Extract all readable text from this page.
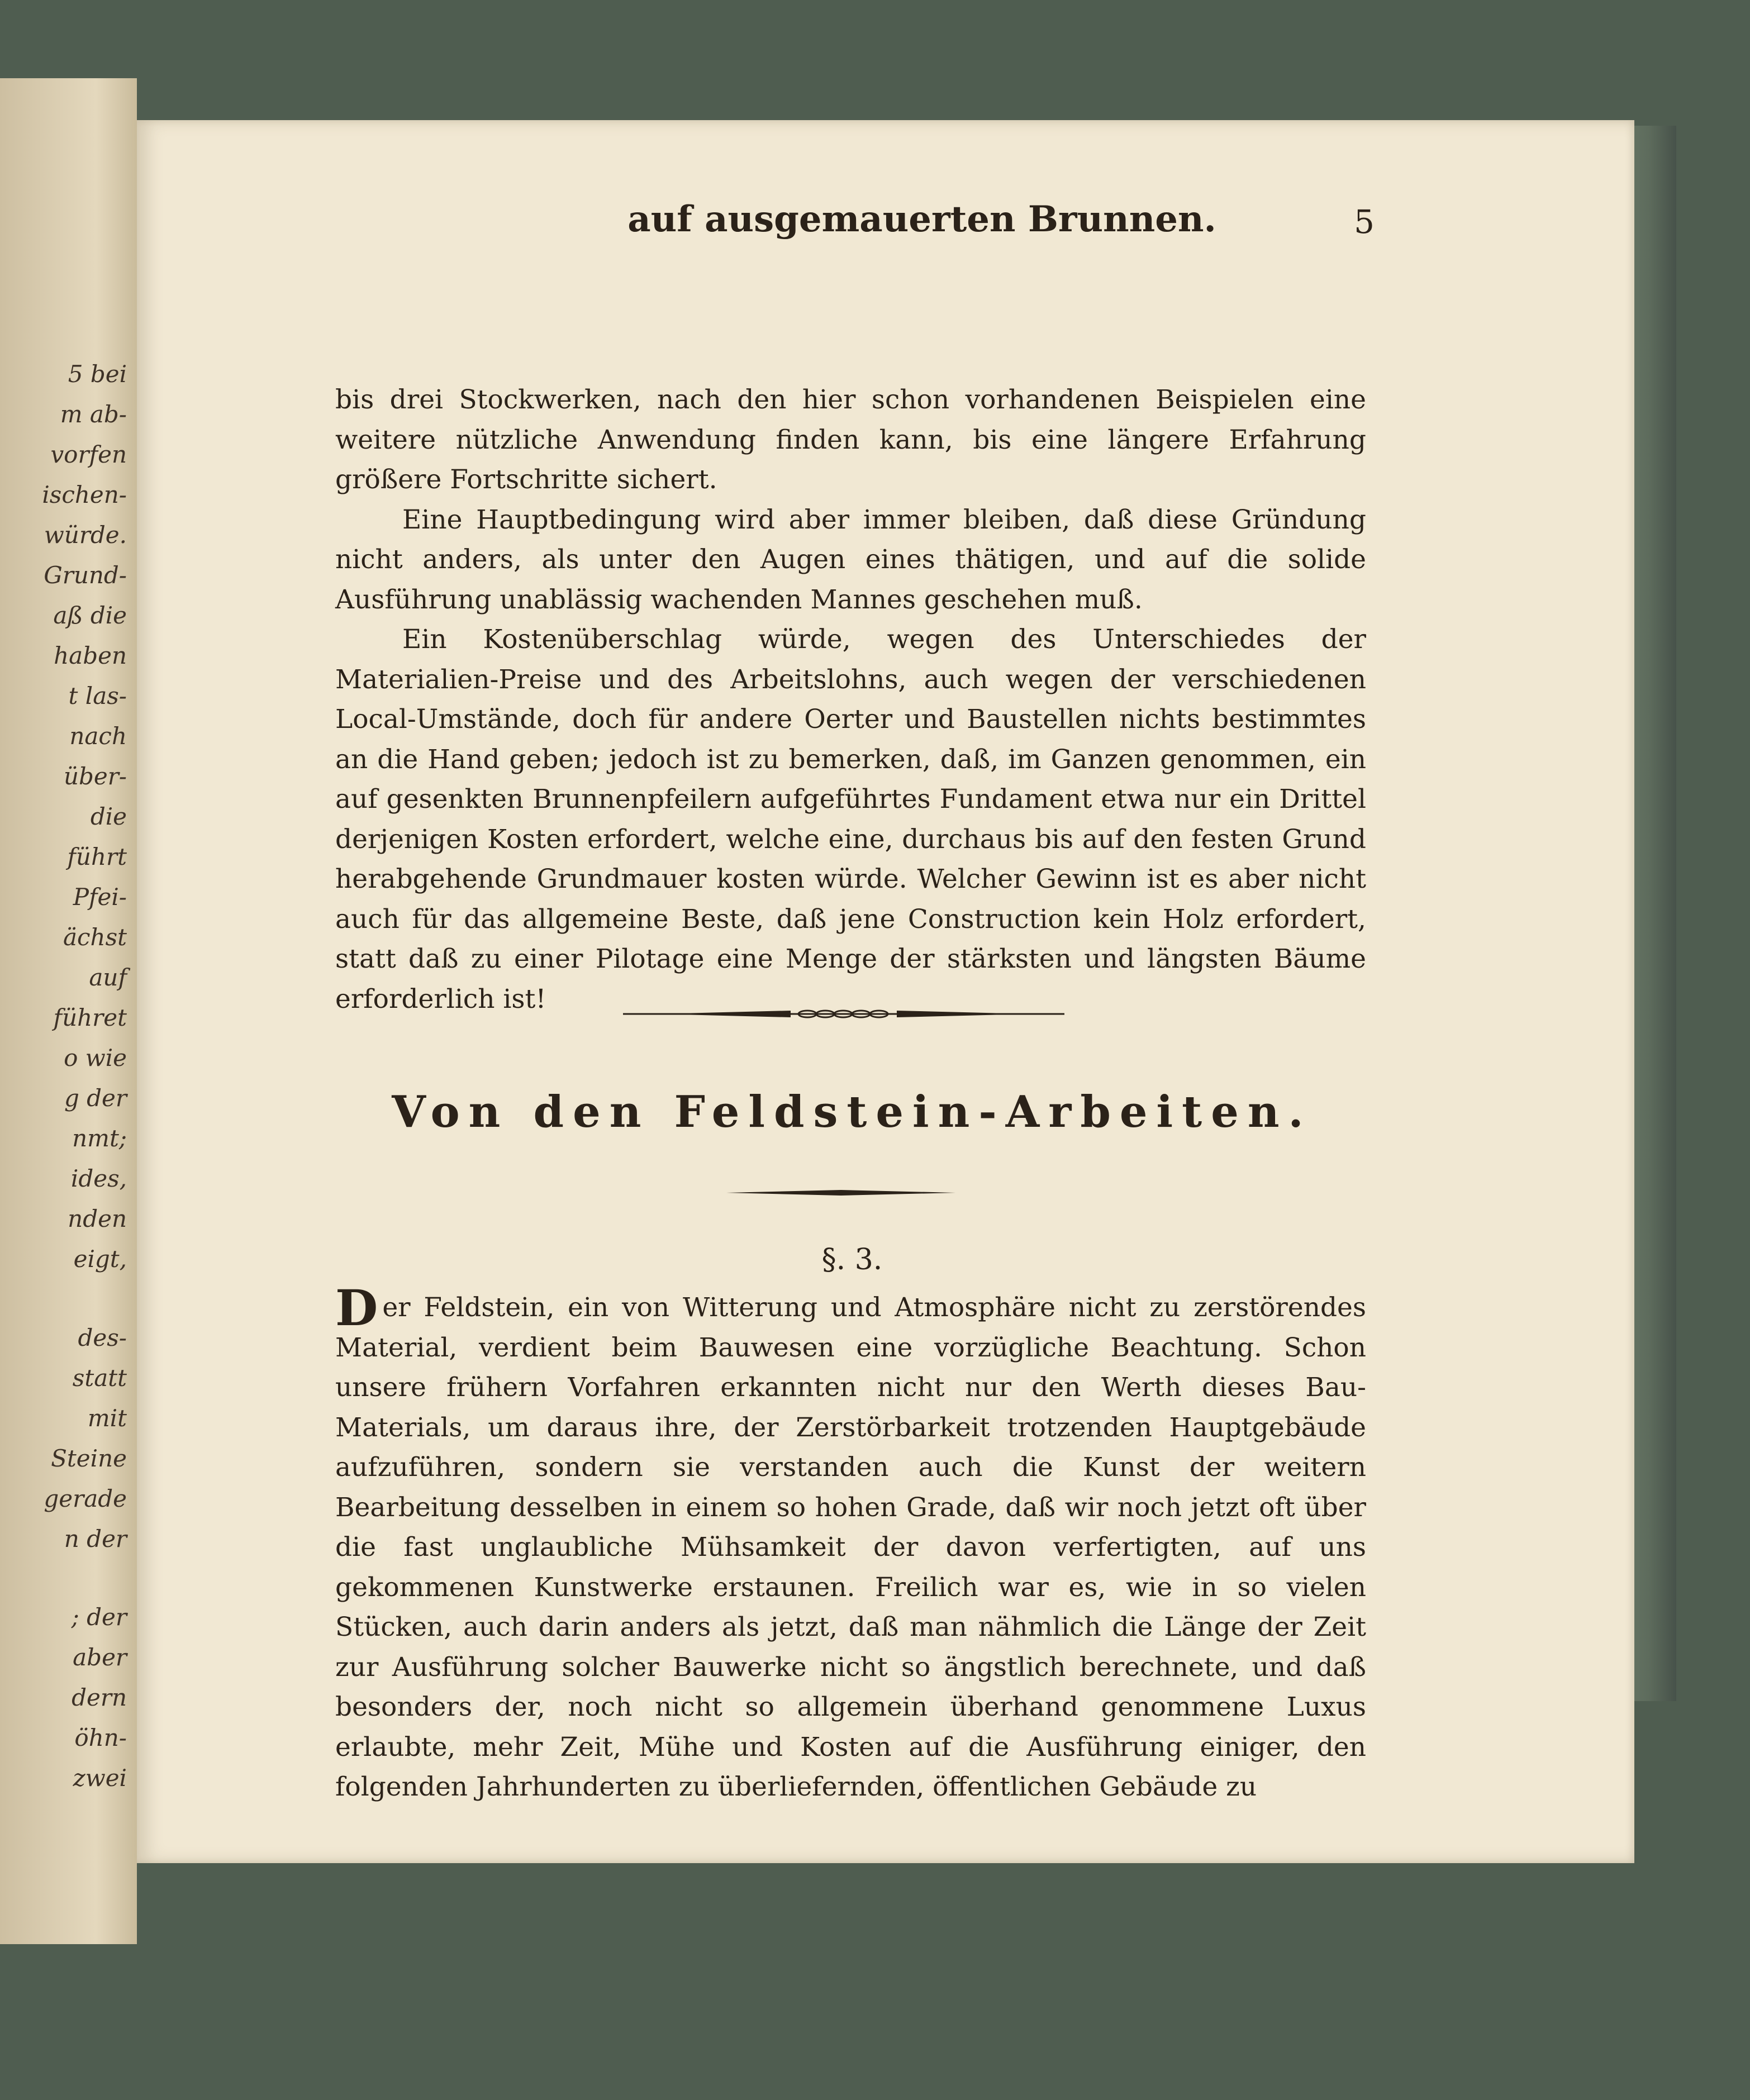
5 bei
m ab-
vorfen
ischen-
würde.
Grund-
aß die
haben
t las-
nach
über-
die
führt
Pfei-
ächst
auf
führet
o wie
g der
nmt;
ides,
nden
eigt,
des-
statt
mit
Steine
gerade
n der
; der
aber
dern
öhn-
zwei
auf ausgemauerten Brunnen.	5

bis drei Stockwerken, nach den hier schon vorhandenen Beispielen eine weitere nützliche Anwendung finden kann, bis eine längere Erfahrung größere Fortschritte sichert.

Eine Hauptbedingung wird aber immer bleiben, daß diese Gründung nicht anders, als unter den Augen eines thätigen, und auf die solide Ausführung unablässig wachenden Mannes geschehen muß.

Ein Kostenüberschlag würde, wegen des Unterschiedes der Materialien-Preise und des Arbeitslohns, auch wegen der verschiedenen Local-Umstände, doch für andere Oerter und Baustellen nichts bestimmtes an die Hand geben; jedoch ist zu bemerken, daß, im Ganzen genommen, ein auf gesenkten Brunnenpfeilern aufgeführtes Fundament etwa nur ein Drittel derjenigen Kosten erfordert, welche eine, durchaus bis auf den festen Grund herabgehende Grundmauer kosten würde. Welcher Gewinn ist es aber nicht auch für das allgemeine Beste, daß jene Construction kein Holz erfordert, statt daß zu einer Pilotage eine Menge der stärksten und längsten Bäume erforderlich ist!

Von den Feldstein-Arbeiten.
§. 3.

Der Feldstein, ein von Witterung und Atmosphäre nicht zu zerstörendes Material, verdient beim Bauwesen eine vorzügliche Beachtung. Schon unsere frühern Vorfahren erkannten nicht nur den Werth dieses Bau-Materials, um daraus ihre, der Zerstörbarkeit trotzenden Hauptgebäude aufzuführen, sondern sie verstanden auch die Kunst der weitern Bearbeitung desselben in einem so hohen Grade, daß wir noch jetzt oft über die fast unglaubliche Mühsamkeit der davon verfertigten, auf uns gekommenen Kunstwerke erstaunen. Freilich war es, wie in so vielen Stücken, auch darin anders als jetzt, daß man nähmlich die Länge der Zeit zur Ausführung solcher Bauwerke nicht so ängstlich berechnete, und daß besonders der, noch nicht so allgemein überhand genommene Luxus erlaubte, mehr Zeit, Mühe und Kosten auf die Ausführung einiger, den folgenden Jahrhunderten zu überliefernden, öffentlichen Gebäude zu
